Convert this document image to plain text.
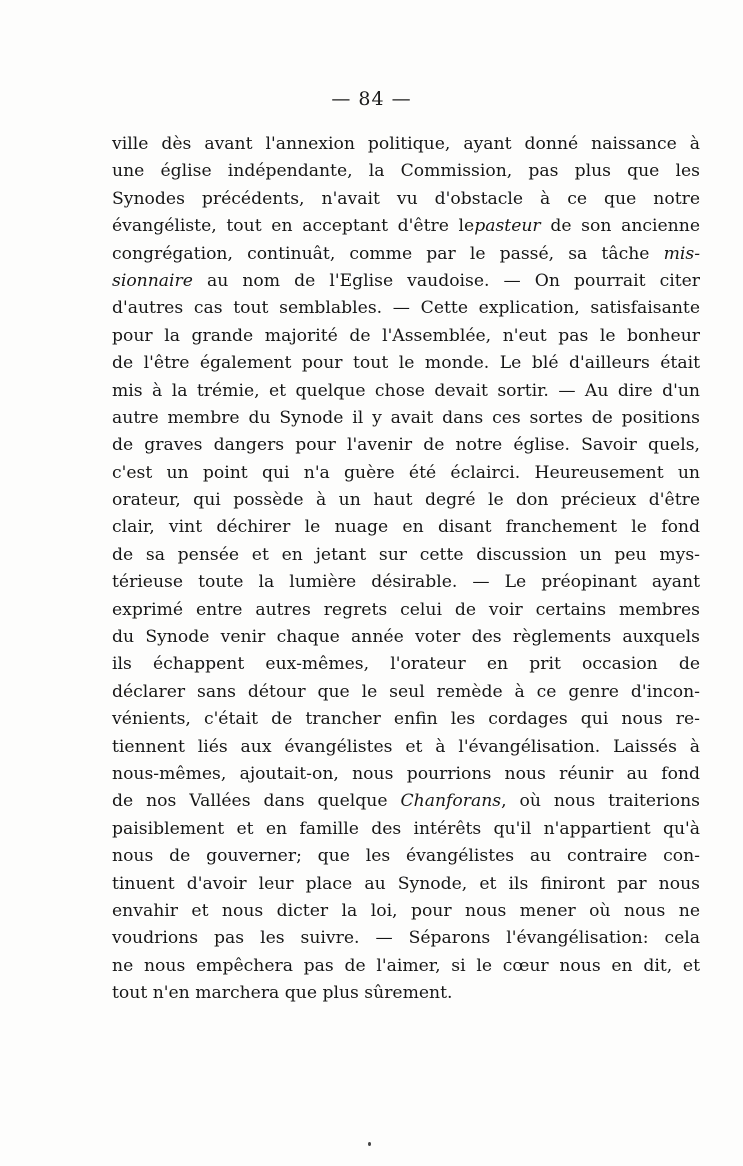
— 84 —
ville dès avant l'annexion politique, ayant donné naissance à
une église indépendante, la Commission, pas plus que les
Synodes précédents, n'avait vu d'obstacle à ce que notre
évangéliste, tout en acceptant d'être lepasteur de son ancienne
congrégation, continuât, comme par le passé, sa tâche mis-
sionnaire au nom de l'Eglise vaudoise. — On pourrait citer
d'autres cas tout semblables. — Cette explication, satisfaisante
pour la grande majorité de l'Assemblée, n'eut pas le bonheur
de l'être également pour tout le monde. Le blé d'ailleurs était
mis à la trémie, et quelque chose devait sortir. — Au dire d'un
autre membre du Synode il y avait dans ces sortes de positions
de graves dangers pour l'avenir de notre église. Savoir quels,
c'est un point qui n'a guère été éclairci. Heureusement un
orateur, qui possède à un haut degré le don précieux d'être
clair, vint déchirer le nuage en disant franchement le fond
de sa pensée et en jetant sur cette discussion un peu mys-
térieuse toute la lumière désirable. — Le préopinant ayant
exprimé entre autres regrets celui de voir certains membres
du Synode venir chaque année voter des règlements auxquels
ils échappent eux-mêmes, l'orateur en prit occasion de
déclarer sans détour que le seul remède à ce genre d'incon-
vénients, c'était de trancher enfin les cordages qui nous re-
tiennent liés aux évangélistes et à l'évangélisation. Laissés à
nous-mêmes, ajoutait-on, nous pourrions nous réunir au fond
de nos Vallées dans quelque Chanforans, où nous traiterions
paisiblement et en famille des intérêts qu'il n'appartient qu'à
nous de gouverner; que les évangélistes au contraire con-
tinuent d'avoir leur place au Synode, et ils finiront par nous
envahir et nous dicter la loi, pour nous mener où nous ne
voudrions pas les suivre. — Séparons l'évangélisation: cela
ne nous empêchera pas de l'aimer, si le cœur nous en dit, et
tout n'en marchera que plus sûrement.
